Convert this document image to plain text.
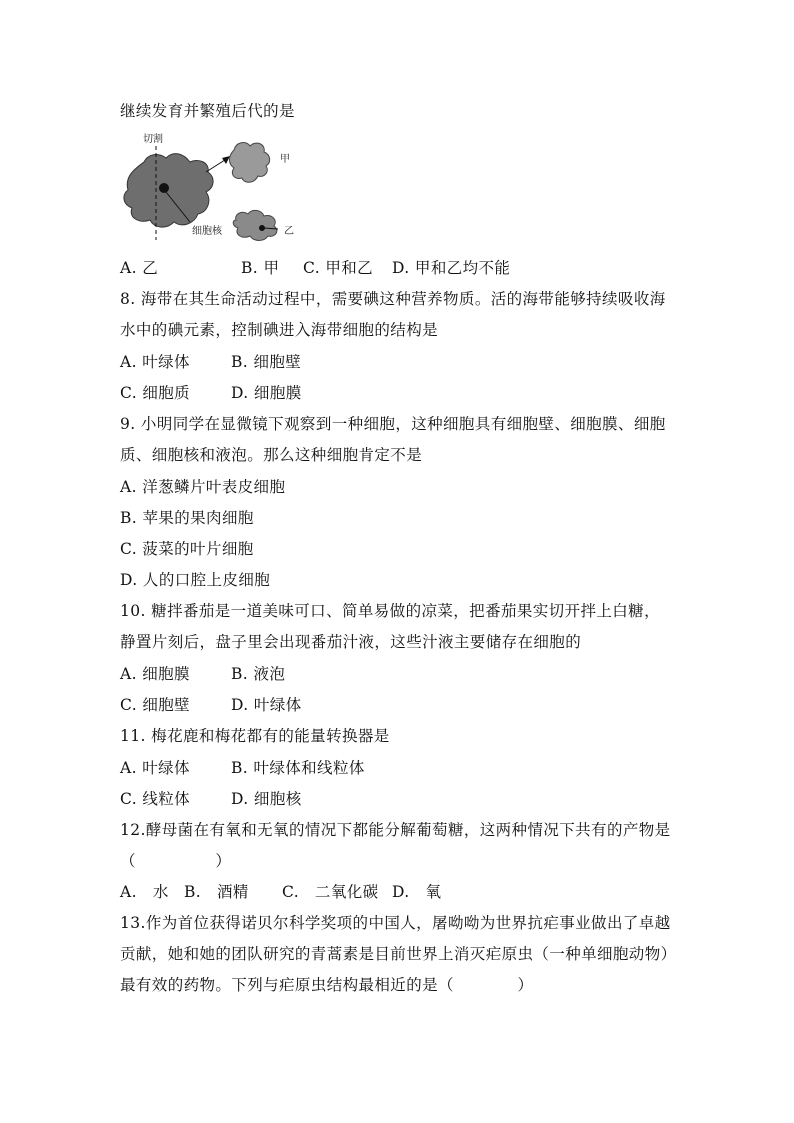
继续发育并繁殖后代的是
切割
甲
乙
细胞核
A. 乙	B. 甲 C. 甲和乙 D. 甲和乙均不能
8. 海带在其生命活动过程中，需要碘这种营养物质。活的海带能够持续吸收海
水中的碘元素，控制碘进入海带细胞的结构是
A. 叶绿体	B. 细胞壁
C. 细胞质	D. 细胞膜
9. 小明同学在显微镜下观察到一种细胞，这种细胞具有细胞壁、细胞膜、细胞
质、细胞核和液泡。那么这种细胞肯定不是
A. 洋葱鳞片叶表皮细胞
B. 苹果的果肉细胞
C. 菠菜的叶片细胞
D. 人的口腔上皮细胞
10. 糖拌番茄是一道美味可口、简单易做的凉菜，把番茄果实切开拌上白糖，
静置片刻后，盘子里会出现番茄汁液，这些汁液主要储存在细胞的
A. 细胞膜	B. 液泡
C. 细胞壁	D. 叶绿体
11. 梅花鹿和梅花都有的能量转换器是
A. 叶绿体	B. 叶绿体和线粒体
C. 线粒体	D. 细胞核
12.酵母菌在有氧和无氧的情况下都能分解葡萄糖，这两种情况下共有的产物是
（　　　　　）
A.　水 B.　酒精 C.　二氧化碳 D.　氧
13.作为首位获得诺贝尔科学奖项的中国人，屠呦呦为世界抗疟事业做出了卓越
贡献，她和她的团队研究的青蒿素是目前世界上消灭疟原虫（一种单细胞动物）
最有效的药物。下列与疟原虫结构最相近的是（　　　　）
